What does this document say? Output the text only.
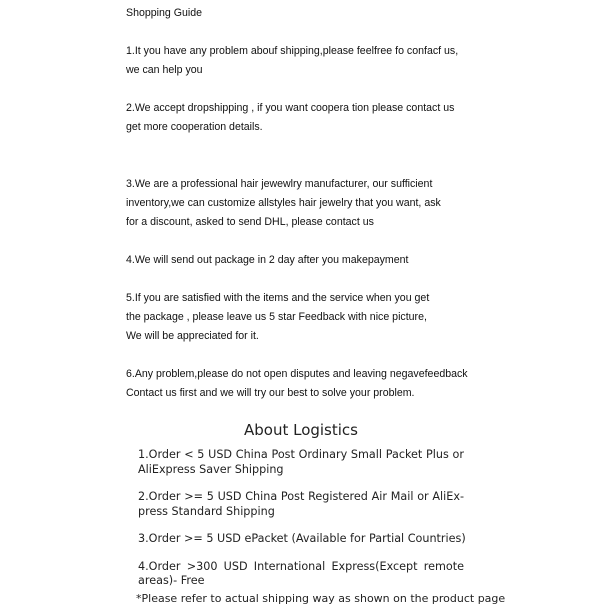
Shopping Guide

1.It you have any problem abouf shipping,please feelfree fo confacf us,
we can help you

2.We accept dropshipping , if you want coopera tion please contact us
get more cooperation details.

3.We are a professional hair jewewlry manufacturer, our sufficient
inventory,we can customize allstyles hair jewelry that you want, ask
for a discount, asked to send DHL, please contact us

4.We will send out package in 2 day after you makepayment

5.If you are satisfied with the items and the service when you get
the package , please leave us 5 star Feedback with nice picture,
We will be appreciated for it.

6.Any problem,please do not open disputes and leaving negavefeedback
Contact us first and we will try our best to solve your problem.

About Logistics
1.Order < 5 USD China Post Ordinary Small Packet Plus or
AliExpress Saver Shipping
2.Order >= 5 USD China Post Registered Air Mail or AliEx-
press Standard Shipping
3.Order >= 5 USD ePacket (Available for Partial Countries)
4.Order >300 USD International Express(Except remote
areas)- Free
*Please refer to actual shipping way as shown on the product page
